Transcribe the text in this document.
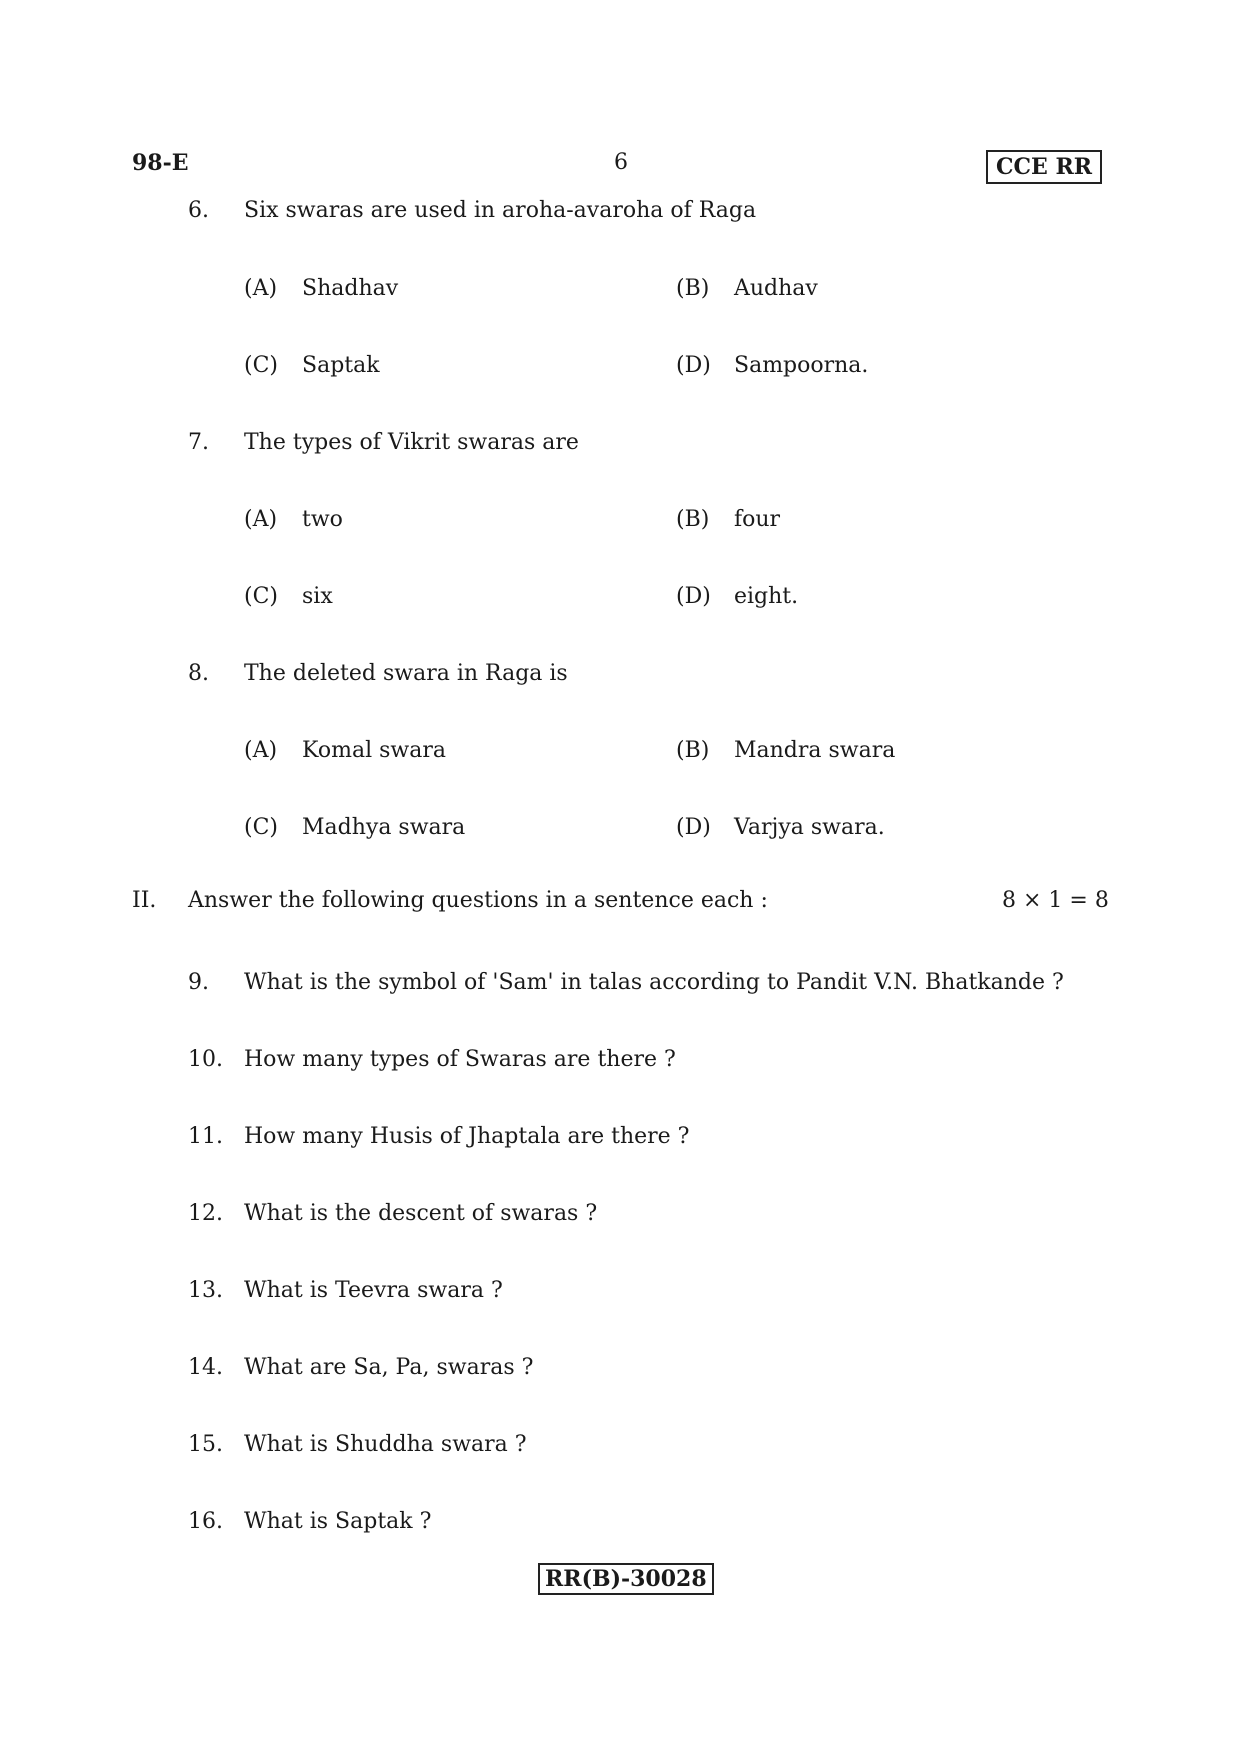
98-E	6	CCE RR
6. Six swaras are used in aroha-avaroha of Raga
(A) Shadhav	(B) Audhav
(C) Saptak	(D) Sampoorna.
7. The types of Vikrit swaras are
(A) two	(B) four
(C) six	(D) eight.
8. The deleted swara in Raga is
(A) Komal swara	(B) Mandra swara
(C) Madhya swara	(D) Varjya swara.
II. Answer the following questions in a sentence each :	8 × 1 = 8
9. What is the symbol of 'Sam' in talas according to Pandit V.N. Bhatkande ?
10. How many types of Swaras are there ?
11. How many Husis of Jhaptala are there ?
12. What is the descent of swaras ?
13. What is Teevra swara ?
14. What are Sa, Pa, swaras ?
15. What is Shuddha swara ?
16. What is Saptak ?
RR(B)-30028
